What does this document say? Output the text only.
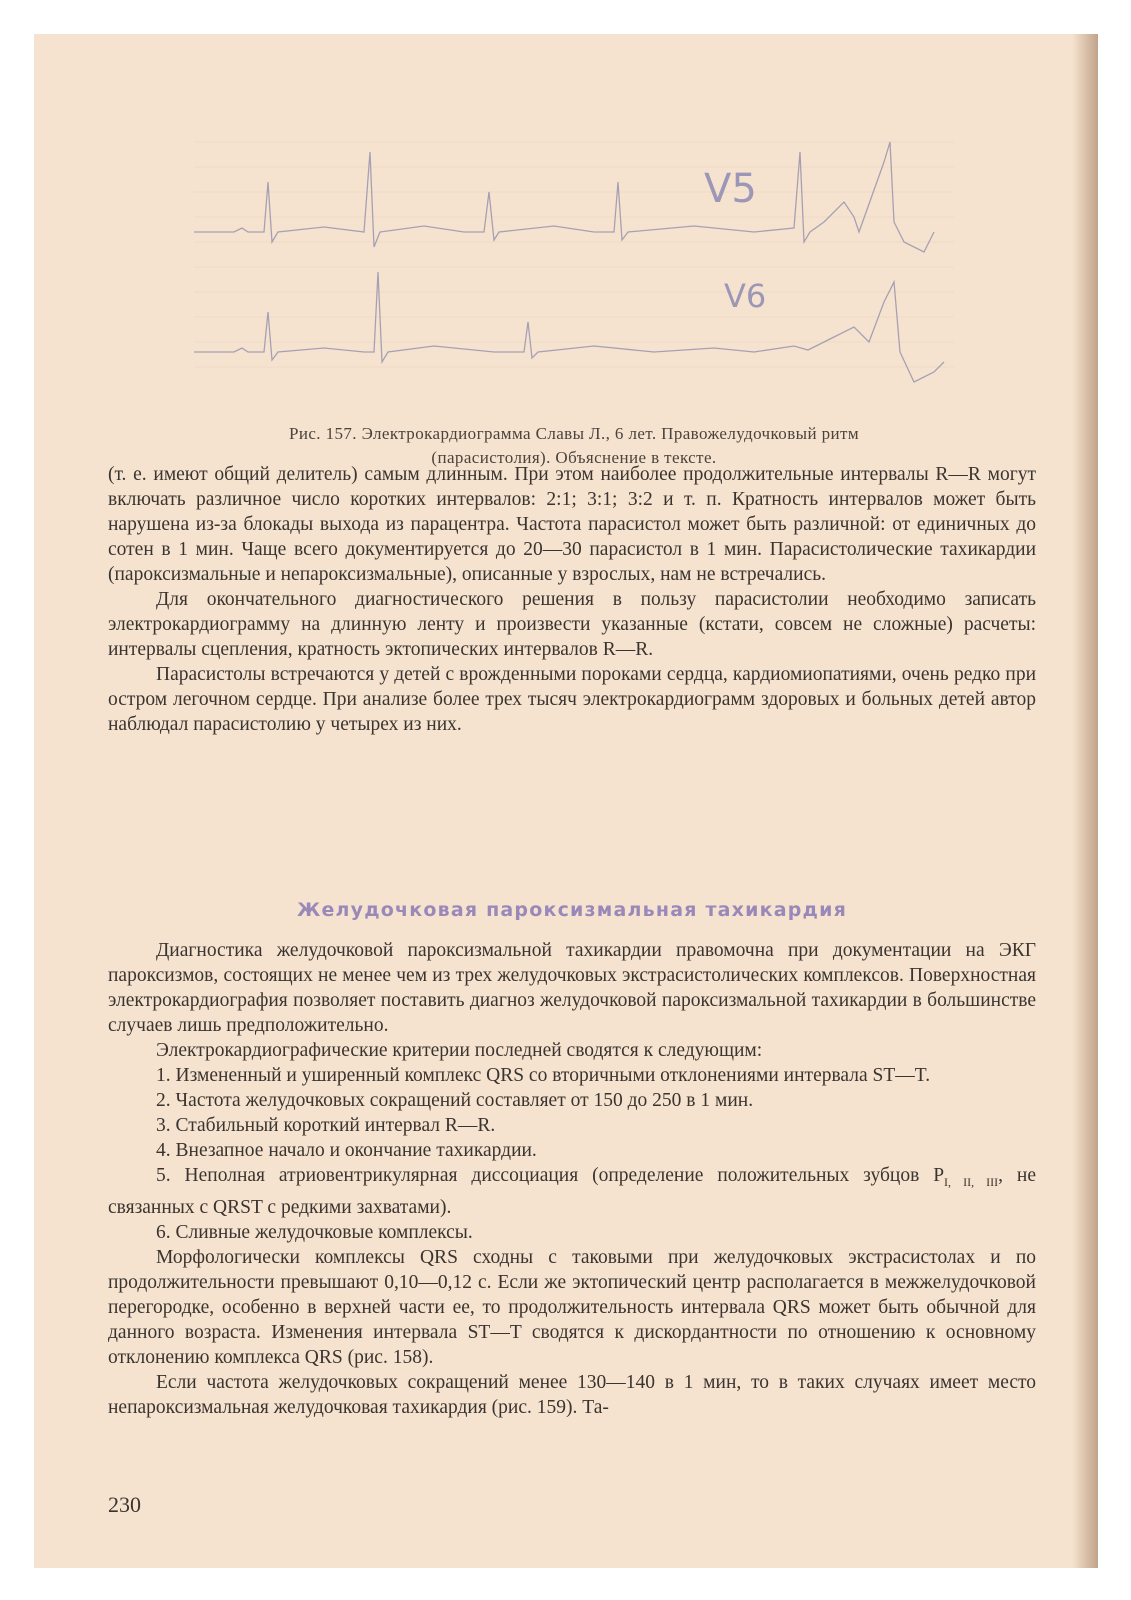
V5
V6
Рис. 157. Электрокардиограмма Славы Л., 6 лет. Правожелудочковый ритм
(парасистолия). Объяснение в тексте.

(т. е. имеют общий делитель) самым длинным. При этом наиболее продолжительные интервалы R—R могут включать различное число коротких интервалов: 2:1; 3:1; 3:2 и т. п. Кратность интервалов может быть нарушена из-за блокады выхода из парацентра. Частота парасистол может быть различной: от единичных до сотен в 1 мин. Чаще всего документируется до 20—30 парасистол в 1 мин. Парасистолические тахикардии (пароксизмальные и непароксизмальные), описанные у взрослых, нам не встречались.

Для окончательного диагностического решения в пользу парасистолии необходимо записать электрокардиограмму на длинную ленту и произвести указанные (кстати, совсем не сложные) расчеты: интервалы сцепления, кратность эктопических интервалов R—R.

Парасистолы встречаются у детей с врожденными пороками сердца, кардиомиопатиями, очень редко при остром легочном сердце. При анализе более трех тысяч электрокардиограмм здоровых и больных детей автор наблюдал парасистолию у четырех из них.

Желудочковая пароксизмальная тахикардия

Диагностика желудочковой пароксизмальной тахикардии правомочна при документации на ЭКГ пароксизмов, состоящих не менее чем из трех желудочковых экстрасистолических комплексов. Поверхностная электрокардиография позволяет поставить диагноз желудочковой пароксизмальной тахикардии в большинстве случаев лишь предположительно.

Электрокардиографические критерии последней сводятся к следующим:

1. Измененный и уширенный комплекс QRS со вторичными отклонениями интервала ST—T.

2. Частота желудочковых сокращений составляет от 150 до 250 в 1 мин.

3. Стабильный короткий интервал R—R.

4. Внезапное начало и окончание тахикардии.

5. Неполная атриовентрикулярная диссоциация (определение положительных зубцов $P_{I, II, III}$, не связанных с QRST с редкими захватами).

6. Сливные желудочковые комплексы.

Морфологически комплексы QRS сходны с таковыми при желудочковых экстрасистолах и по продолжительности превышают 0,10—0,12 с. Если же эктопический центр располагается в межжелудочковой перегородке, особенно в верхней части ее, то продолжительность интервала QRS может быть обычной для данного возраста. Изменения интервала ST—T сводятся к дискордантности по отношению к основному отклонению комплекса QRS (рис. 158).

Если частота желудочковых сокращений менее 130—140 в 1 мин, то в таких случаях имеет место непароксизмальная желудочковая тахикардия (рис. 159). Та-

230
